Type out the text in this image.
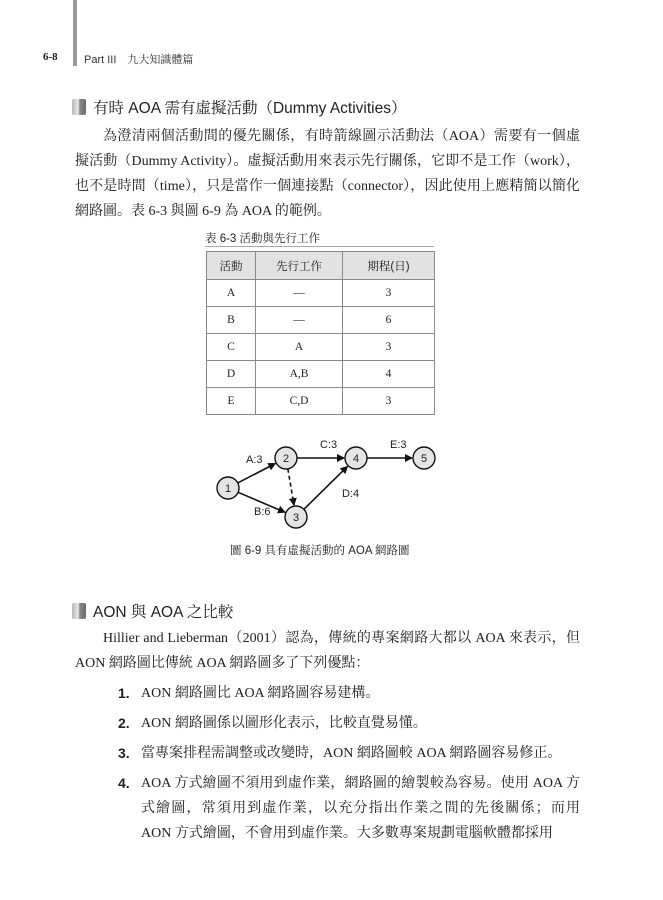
6-8 Part III　九大知識體篇
有時 AOA 需有虛擬活動（Dummy Activities）

為澄清兩個活動間的優先關係，有時箭線圖示活動法（AOA）需要有一個虛擬活動（Dummy Activity）。虛擬活動用來表示先行關係，它即不是工作（work），也不是時間（time），只是當作一個連接點（connector），因此使用上應精簡以簡化網路圖。表 6-3 與圖 6-9 為 AOA 的範例。

表 6-3 活動與先行工作
活動	先行工作	期程(日)
A	—	3
B	—	6
C	A	3
D	A,B	4
E	C,D	3
1
2
3
4	5
A:3
B:6
C:3
D:4
E:3
圖 6-9 具有虛擬活動的 AOA 網路圖
AON 與 AOA 之比較

Hillier and Lieberman（2001）認為，傳統的專案網路大都以 AOA 來表示，但 AON 網路圖比傳統 AOA 網路圖多了下列優點：

1. AON 網路圖比 AOA 網路圖容易建構。
2. AON 網路圖係以圖形化表示，比較直覺易懂。
3. 當專案排程需調整或改變時，AON 網路圖較 AOA 網路圖容易修正。
4. AOA 方式繪圖不須用到虛作業，網路圖的繪製較為容易。使用 AOA 方式繪圖，常須用到虛作業，以充分指出作業之間的先後關係；而用 AON 方式繪圖，不會用到虛作業。大多數專案規劃電腦軟體都採用
